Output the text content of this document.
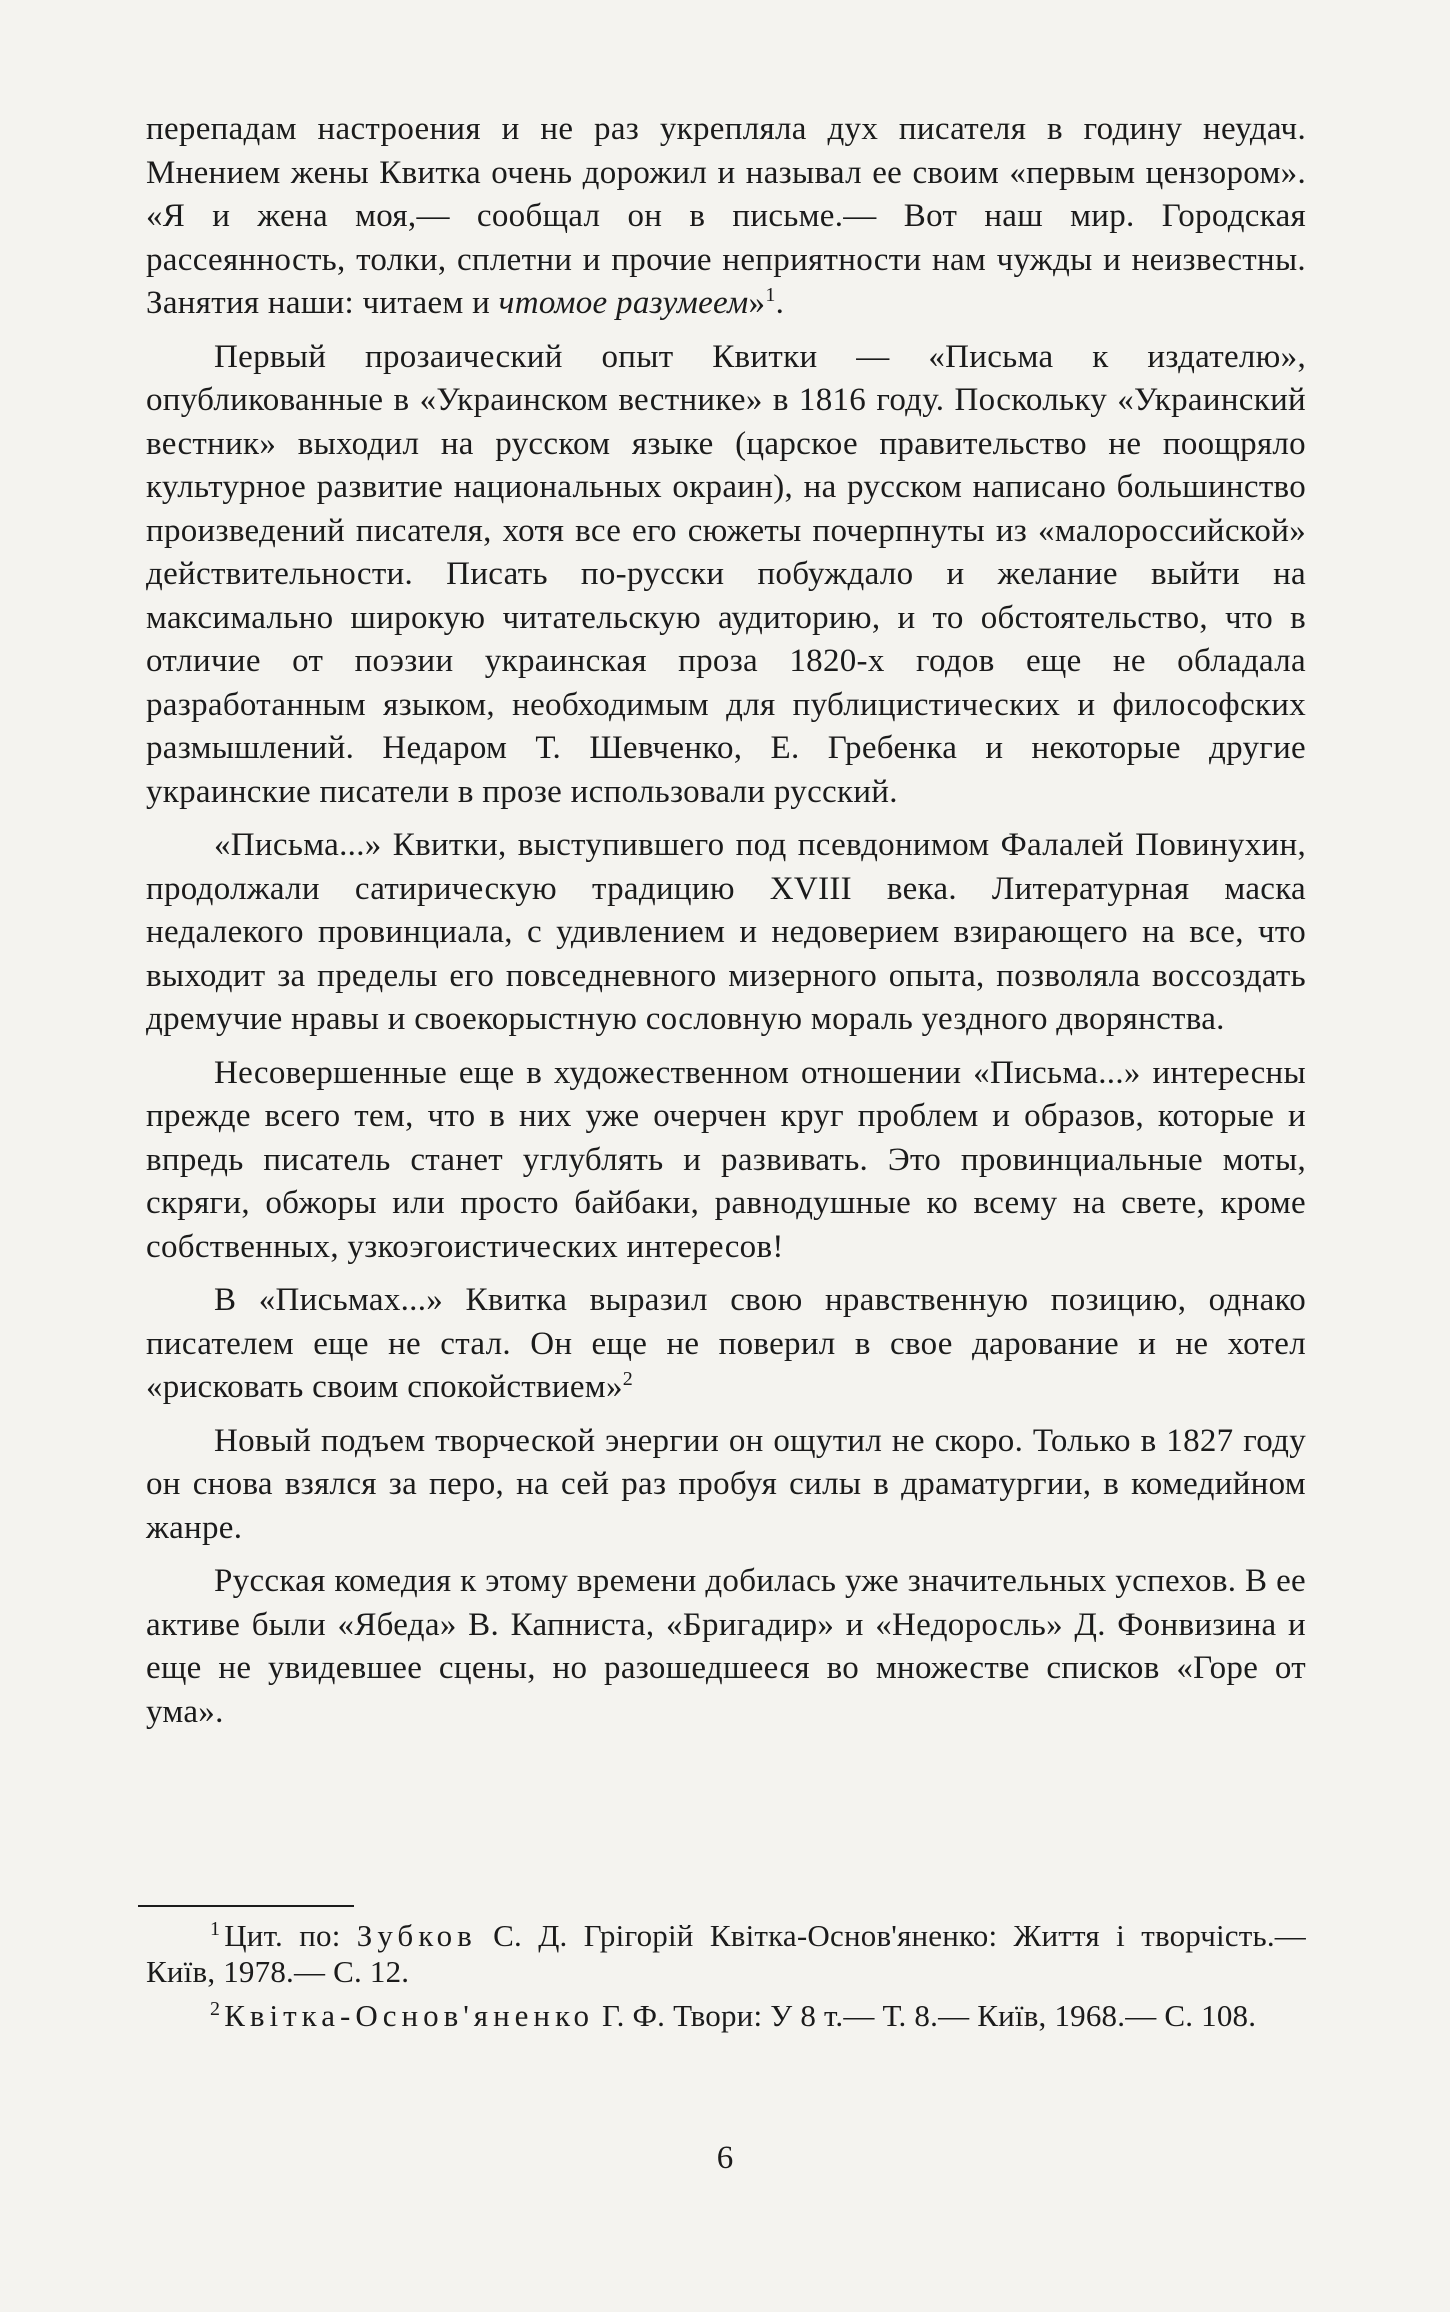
перепадам настроения и не раз укрепляла дух писателя в годину неудач. Мнением жены Квитка очень дорожил и называл ее своим «первым цензором». «Я и жена моя,— сообщал он в письме.— Вот наш мир. Городская рассеянность, толки, сплетни и прочие неприятности нам чужды и неизвестны. Занятия наши: читаем и чтомое разумеем»$^1$.

Первый прозаический опыт Квитки — «Письма к издателю», опубликованные в «Украинском вестнике» в 1816 году. Поскольку «Украинский вестник» выходил на русском языке (царское правительство не поощряло культурное развитие национальных окраин), на русском написано большинство произведений писателя, хотя все его сюжеты почерпнуты из «малороссийской» действительности. Писать по-русски побуждало и желание выйти на максимально широкую читательскую аудиторию, и то обстоятельство, что в отличие от поэзии украинская проза 1820-х годов еще не обладала разработанным языком, необходимым для публицистических и философских размышлений. Недаром Т. Шевченко, Е. Гребенка и некоторые другие украинские писатели в прозе использовали русский.

«Письма...» Квитки, выступившего под псевдонимом Фалалей Повинухин, продолжали сатирическую традицию XVIII века. Литературная маска недалекого провинциала, с удивлением и недоверием взирающего на все, что выходит за пределы его повседневного мизерного опыта, позволяла воссоздать дремучие нравы и своекорыстную сословную мораль уездного дворянства.

Несовершенные еще в художественном отношении «Письма...» интересны прежде всего тем, что в них уже очерчен круг проблем и образов, которые и впредь писатель станет углублять и развивать. Это провинциальные моты, скряги, обжоры или просто байбаки, равнодушные ко всему на свете, кроме собственных, узкоэгоистических интересов!

В «Письмах...» Квитка выразил свою нравственную позицию, однако писателем еще не стал. Он еще не поверил в свое дарование и не хотел «рисковать своим спокойствием»$^2$

Новый подъем творческой энергии он ощутил не скоро. Только в 1827 году он снова взялся за перо, на сей раз пробуя силы в драматургии, в комедийном жанре.

Русская комедия к этому времени добилась уже значительных успехов. В ее активе были «Ябеда» В. Капниста, «Бригадир» и «Недоросль» Д. Фонвизина и еще не увидевшее сцены, но разошедшееся во множестве списков «Горе от ума».

$^1$ Цит. по: Зубков С. Д. Грігорій Квітка-Основ'яненко: Життя і творчість.— Київ, 1978.— С. 12.

$^2$ Квітка-Основ'яненко Г. Ф. Твори: У 8 т.— Т. 8.— Київ, 1968.— С. 108.

6
